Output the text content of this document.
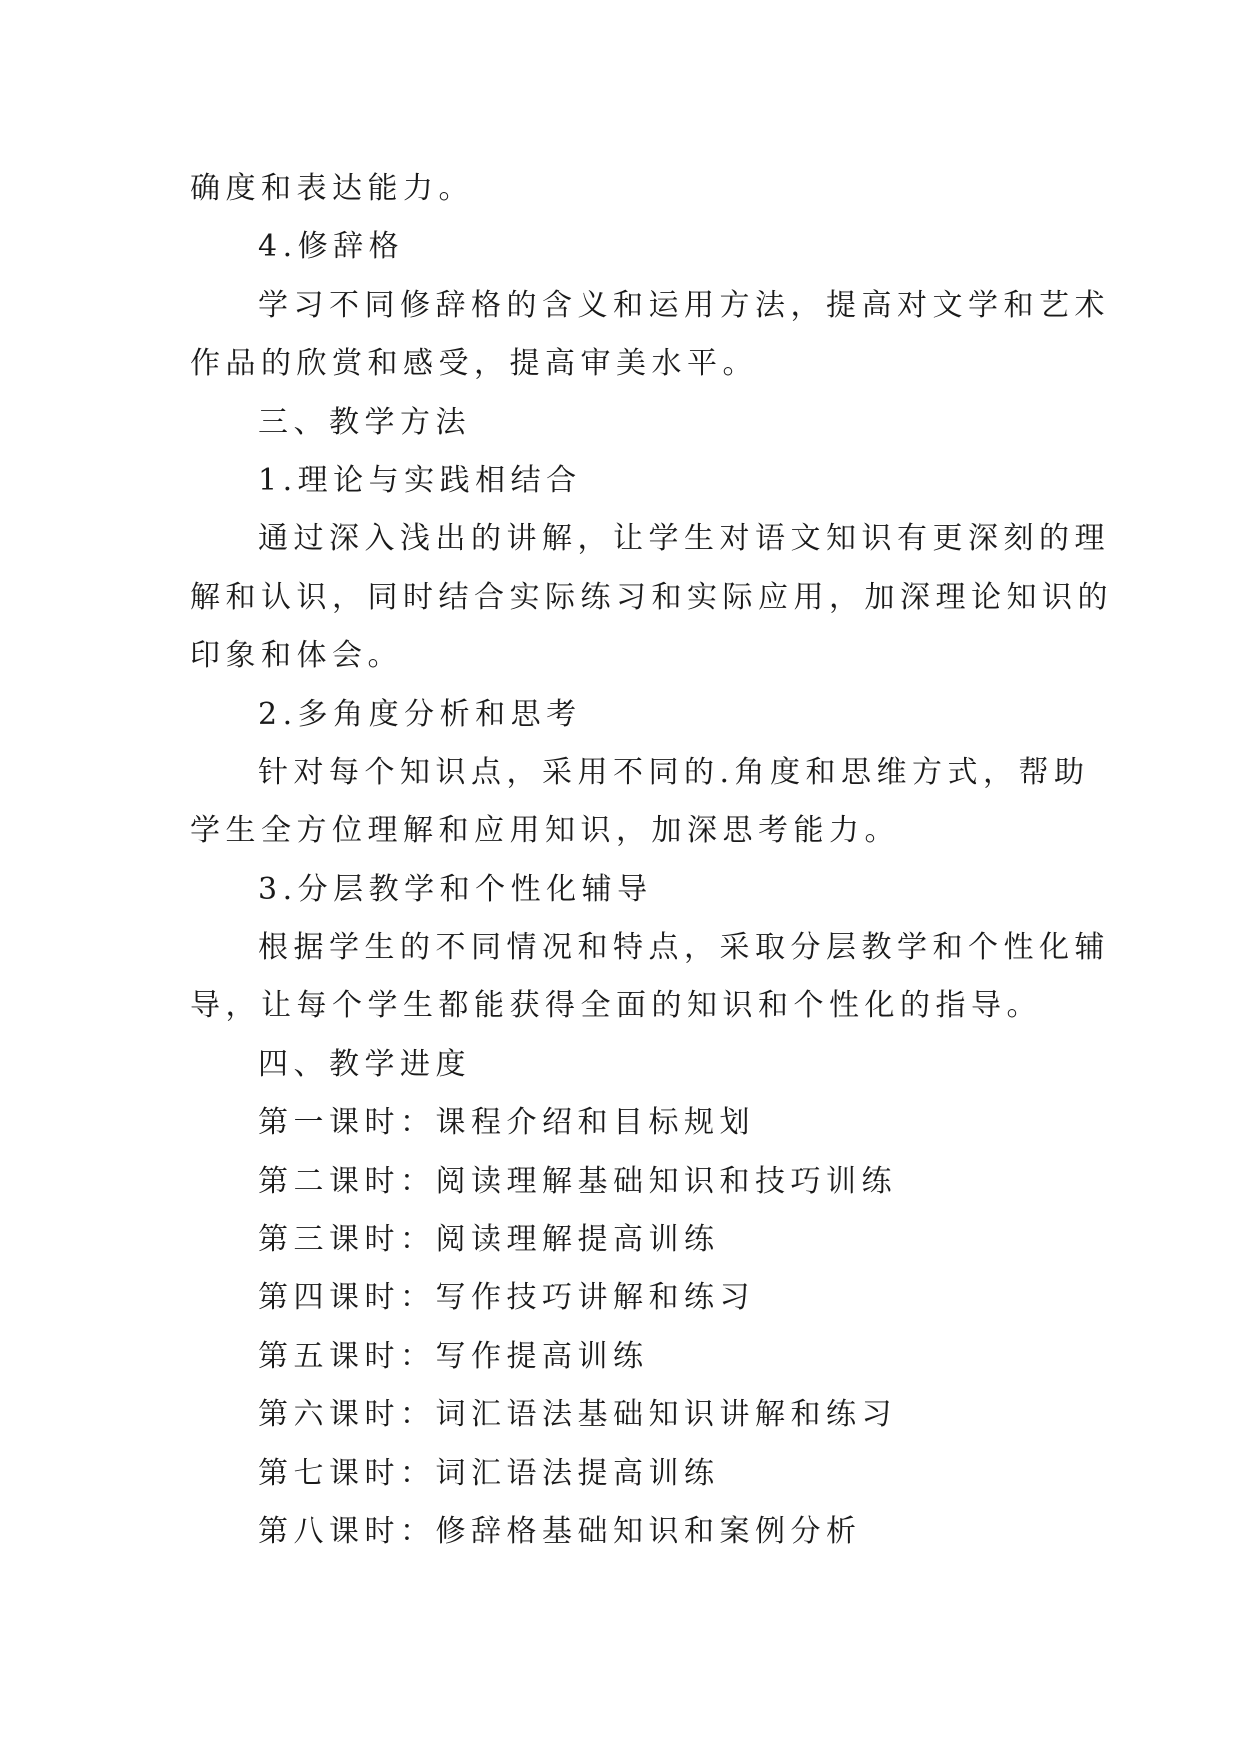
确度和表达能力。
4.修辞格
学习不同修辞格的含义和运用方法，提高对文学和艺术
作品的欣赏和感受，提高审美水平。
三、教学方法
1.理论与实践相结合
通过深入浅出的讲解，让学生对语文知识有更深刻的理
解和认识，同时结合实际练习和实际应用，加深理论知识的
印象和体会。
2.多角度分析和思考
针对每个知识点，采用不同的.角度和思维方式，帮助
学生全方位理解和应用知识，加深思考能力。
3.分层教学和个性化辅导
根据学生的不同情况和特点，采取分层教学和个性化辅
导，让每个学生都能获得全面的知识和个性化的指导。
四、教学进度
第一课时：课程介绍和目标规划
第二课时：阅读理解基础知识和技巧训练
第三课时：阅读理解提高训练
第四课时：写作技巧讲解和练习
第五课时：写作提高训练
第六课时：词汇语法基础知识讲解和练习
第七课时：词汇语法提高训练
第八课时：修辞格基础知识和案例分析
